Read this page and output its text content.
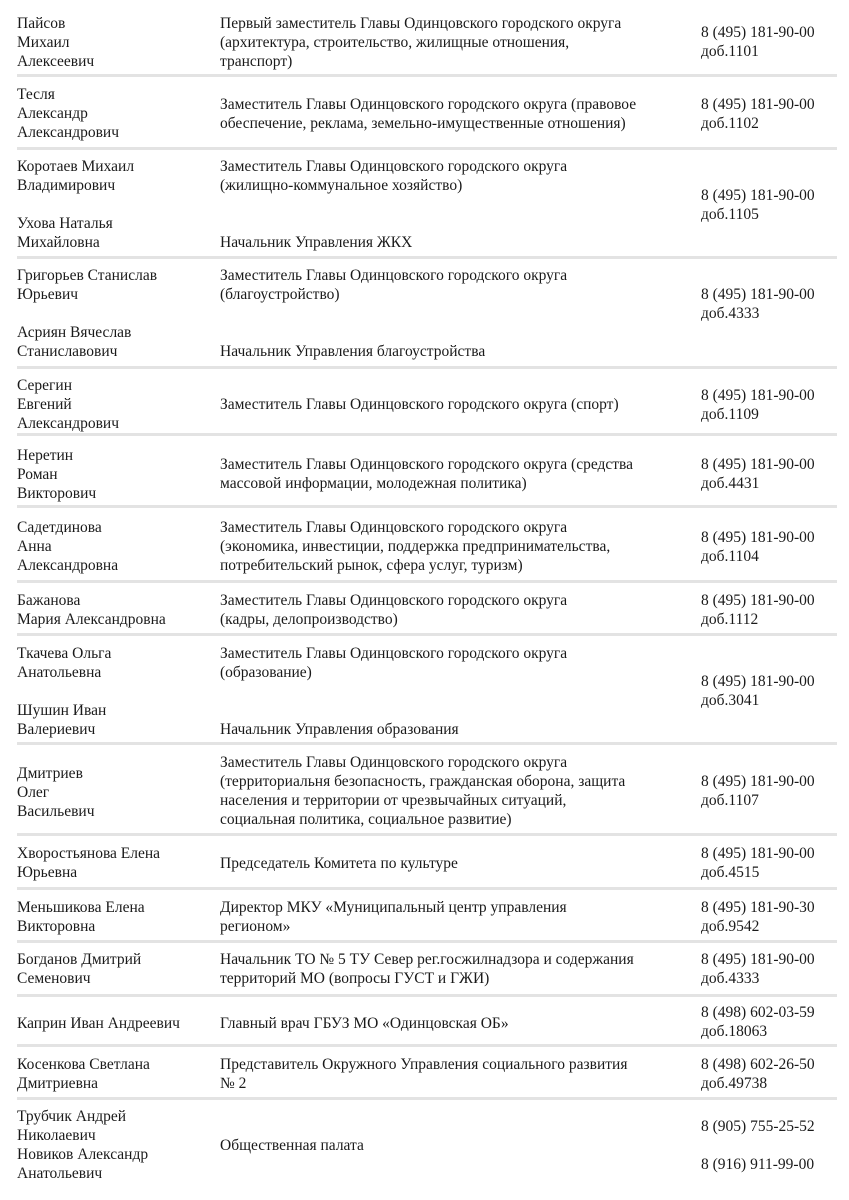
Пайсов
Михаил
Алексеевич
Первый заместитель Главы Одинцовского городского округа
(архитектура, строительство, жилищные отношения,
транспорт)
8 (495) 181-90-00
доб.1101
Тесля
Александр
Александрович
Заместитель Главы Одинцовского городского округа (правовое
обеспечение, реклама, земельно-имущественные отношения)
8 (495) 181-90-00
доб.1102
Коротаев Михаил
Владимирович
Ухова Наталья
Михайловна
Заместитель Главы Одинцовского городского округа
(жилищно-коммунальное хозяйство)
Начальник Управления ЖКХ
8 (495) 181-90-00
доб.1105
Григорьев Станислав
Юрьевич
Асриян Вячеслав
Станиславович
Заместитель Главы Одинцовского городского округа
(благоустройство)
Начальник Управления благоустройства
8 (495) 181-90-00
доб.4333
Серегин
Евгений
Александрович
Заместитель Главы Одинцовского городского округа (спорт)
8 (495) 181-90-00
доб.1109
Неретин
Роман
Викторович
Заместитель Главы Одинцовского городского округа (средства
массовой информации, молодежная политика)
8 (495) 181-90-00
доб.4431
Садетдинова
Анна
Александровна
Заместитель Главы Одинцовского городского округа
(экономика, инвестиции, поддержка предпринимательства,
потребительский рынок, сфера услуг, туризм)
8 (495) 181-90-00
доб.1104
Бажанова
Мария Александровна
Заместитель Главы Одинцовского городского округа
(кадры, делопроизводство)
8 (495) 181-90-00
доб.1112
Ткачева Ольга
Анатольевна
Шушин Иван
Валериевич
Заместитель Главы Одинцовского городского округа
(образование)
Начальник Управления образования
8 (495) 181-90-00
доб.3041
Дмитриев
Олег
Васильевич
Заместитель Главы Одинцовского городского округа
(территориальня безопасность, гражданская оборона, защита
населения и территории от чрезвычайных ситуаций,
социальная политика, социальное развитие)
8 (495) 181-90-00
доб.1107
Хворостьянова Елена
Юрьевна
Председатель Комитета по культуре
8 (495) 181-90-00
доб.4515
Меньшикова Елена
Викторовна
Директор МКУ «Муниципальный центр управления
регионом»
8 (495) 181-90-30
доб.9542
Богданов Дмитрий
Семенович
Начальник ТО № 5 ТУ Север рег.госжилнадзора и содержания
территорий МО (вопросы ГУСТ и ГЖИ)
8 (495) 181-90-00
доб.4333
Каприн Иван Андреевич	Главный врач ГБУЗ МО «Одинцовская ОБ»
8 (498) 602-03-59
доб.18063
Косенкова Светлана
Дмитриевна
Представитель Окружного Управления социального развития
№ 2
8 (498) 602-26-50
доб.49738
Трубчик Андрей
Николаевич
Новиков Александр
Анатольевич
Общественная палата
8 (905) 755-25-52
8 (916) 911-99-00
